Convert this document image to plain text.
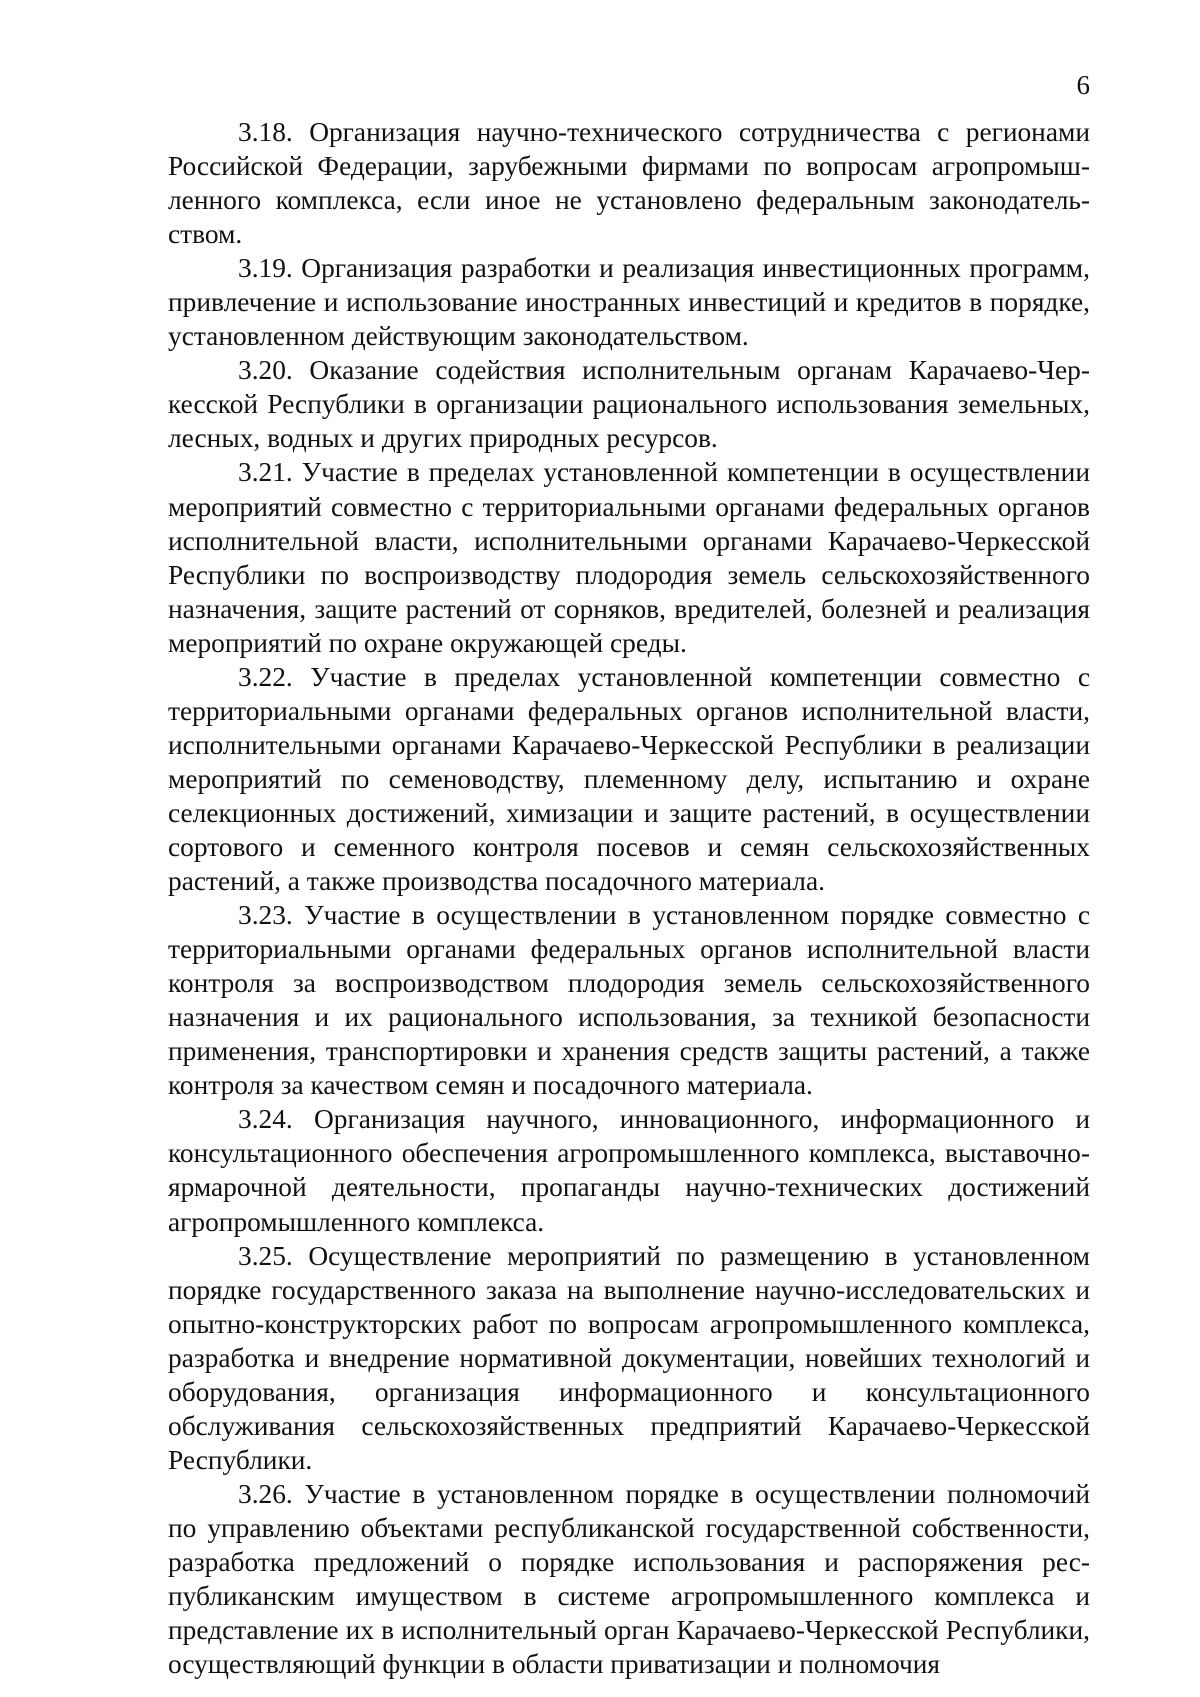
6

3.18. Организация научно-технического сотрудничества с регионами Российской Федерации, зарубежными фирмами по вопросам агропромышленного комплекса, если иное не установлено федеральным законодательством.

3.19. Организация разработки и реализация инвестиционных программ, привлечение и использование иностранных инвестиций и кредитов в порядке, установленном действующим законодательством.

3.20. Оказание содействия исполнительным органам Карачаево-Черкесской Республики в организации рационального использования земельных, лесных, водных и других природных ресурсов.

3.21. Участие в пределах установленной компетенции в осуществлении мероприятий совместно с территориальными органами федеральных органов исполнительной власти, исполнительными органами Карачаево-Черкесской Республики по воспроизводству плодородия земель сельскохозяйственного назначения, защите растений от сорняков, вредителей, болезней и реализация мероприятий по охране окружающей среды.

3.22. Участие в пределах установленной компетенции совместно с территориальными органами федеральных органов исполнительной власти, исполнительными органами Карачаево-Черкесской Республики в реализации мероприятий по семеноводству, племенному делу, испытанию и охране селекционных достижений, химизации и защите растений, в осуществлении сортового и семенного контроля посевов и семян сельскохозяйственных растений, а также производства посадочного материала.

3.23. Участие в осуществлении в установленном порядке совместно с территориальными органами федеральных органов исполнительной власти контроля за воспроизводством плодородия земель сельскохозяйственного назначения и их рационального использования, за техникой безопасности применения, транспортировки и хранения средств защиты растений, а также контроля за качеством семян и посадочного материала.

3.24. Организация научного, инновационного, информационного и консультационного обеспечения агропромышленного комплекса, выставочно-ярмарочной деятельности, пропаганды научно-технических достижений агропромышленного комплекса.

3.25. Осуществление мероприятий по размещению в установленном порядке государственного заказа на выполнение научно-исследовательских и опытно-конструкторских работ по вопросам агропромышленного комплекса, разработка и внедрение нормативной документации, новейших технологий и оборудования, организация информационного и консультационного обслуживания сельскохозяйственных предприятий Карачаево-Черкесской Республики.

3.26. Участие в установленном порядке в осуществлении полномочий по управлению объектами республиканской государственной собственности, разработка предложений о порядке использования и распоряжения республиканским имуществом в системе агропромышленного комплекса и представление их в исполнительный орган Карачаево-Черкесской Республики, осуществляющий функции в области приватизации и полномочия
